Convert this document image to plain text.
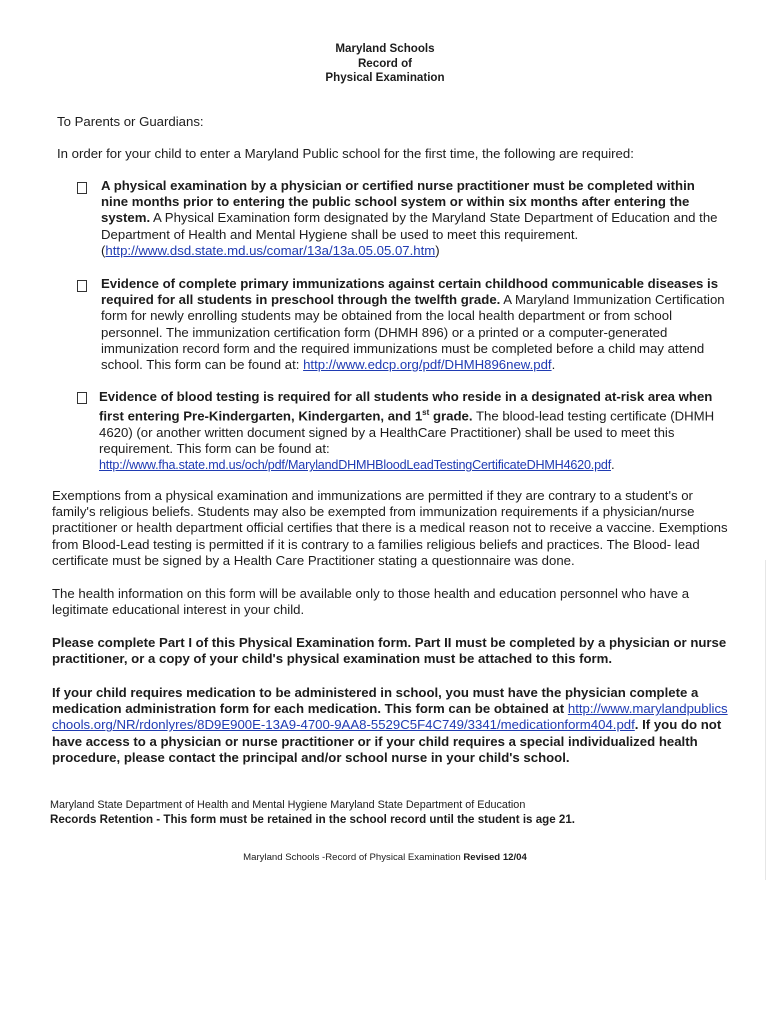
Maryland Schools
Record of
Physical Examination

To Parents or Guardians:

In order for your child to enter a Maryland Public school for the first time, the following are required:

A physical examination by a physician or certified nurse practitioner must be completed within nine months prior to entering the public school system or within six months after entering the system. A Physical Examination form designated by the Maryland State Department of Education and the Department of Health and Mental Hygiene shall be used to meet this requirement.
(http://www.dsd.state.md.us/comar/13a/13a.05.05.07.htm)
Evidence of complete primary immunizations against certain childhood communicable diseases is required for all students in preschool through the twelfth grade. A Maryland Immunization Certification form for newly enrolling students may be obtained from the local health department or from school personnel. The immunization certification form (DHMH 896) or a printed or a computer-generated immunization record form and the required immunizations must be completed before a child may attend school. This form can be found at: http://www.edcp.org/pdf/DHMH896new.pdf.
Evidence of blood testing is required for all students who reside in a designated at-risk area when first entering Pre-Kindergarten, Kindergarten, and 1st grade. The blood-lead testing certificate (DHMH 4620) (or another written document signed by a HealthCare Practitioner) shall be used to meet this requirement. This form can be found at:
http://www.fha.state.md.us/och/pdf/MarylandDHMHBloodLeadTestingCertificateDHMH4620.pdf.

Exemptions from a physical examination and immunizations are permitted if they are contrary to a student's or family's religious beliefs. Students may also be exempted from immunization requirements if a physician/nurse practitioner or health department official certifies that there is a medical reason not to receive a vaccine. Exemptions from Blood-Lead testing is permitted if it is contrary to a families religious beliefs and practices. The Blood- lead certificate must be signed by a Health Care Practitioner stating a questionnaire was done.

The health information on this form will be available only to those health and education personnel who have a legitimate educational interest in your child.

Please complete Part I of this Physical Examination form. Part II must be completed by a physician or nurse practitioner, or a copy of your child's physical examination must be attached to this form.

If your child requires medication to be administered in school, you must have the physician complete a medication administration form for each medication. This form can be obtained at http://www.marylandpublicschools.org/NR/rdonlyres/8D9E900E-13A9-4700-9AA8-5529C5F4C749/3341/medicationform404.pdf. If you do not have access to a physician or nurse practitioner or if your child requires a special individualized health procedure, please contact the principal and/or school nurse in your child's school.

Maryland State Department of Health and Mental Hygiene Maryland State Department of Education
Records Retention - This form must be retained in the school record until the student is age 21.
Maryland Schools -Record of Physical Examination Revised 12/04
